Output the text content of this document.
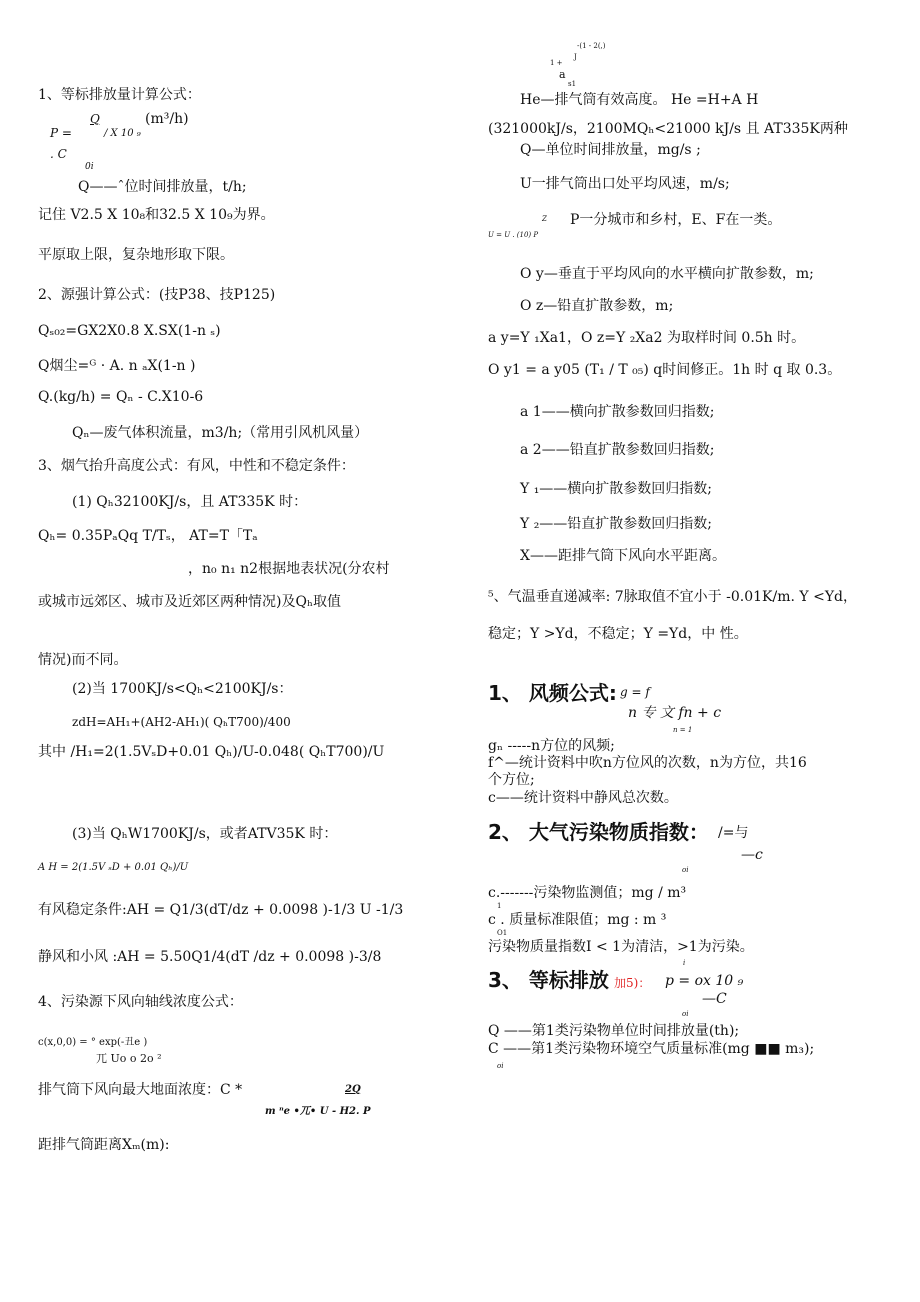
1、等标排放量计算公式：
P =
Q
/ X 10 ₉
. C
0i
(m³/h)
Q——ˆ位时间排放量，t/h;
记住 V2.5 X 10₈和32.5 X 10₉为界。
平原取上限，复杂地形取下限。
2、源强计算公式：(技P38、技P125)
Qₛ₀₂=GX2X0.8 X.SX(1-n ₛ)
Q烟尘=ᴳ · A. n ₐX(1-n )
Q.(kg/h) = Qₙ - C.X10-6
Qₙ—废气体积流量，m3/h;（常用引风机风量）
3、烟气抬升高度公式：有风，中性和不稳定条件：
(1) Qₕ32100KJ/s，且 AT335K 时：
Qₕ= 0.35PₐQq T/Tₛ， AT=T「Tₐ
，n₀ n₁ n2根据地表状况(分农村
或城市远郊区、城市及近郊区两种情况)及Qₕ取值
情况)而不同。
(2)当 1700KJ/s<Qₕ<2100KJ/s：
zdH=AH₁+(AH2-AH₁)( QₕT700)/400
其中 /H₁=2(1.5VₛD+0.01 Qₕ)/U-0.048( QₕT700)/U
(3)当 QₕW1700KJ/s，或者ATV35K 时：
A H = 2(1.5V ₛD + 0.01 Qₕ)/U
有风稳定条件:AH = Q1/3(dT/dz + 0.0098 )-1/3 U -1/3
静风和小风 :AH = 5.50Q1/4(dT /dz + 0.0098 )-3/8
4、污染源下风向轴线浓度公式：
c(x,0,0) = ° exp(-丑e )
兀 Uo o 2o ²
排气筒下风向最大地面浓度：C *	2Q
m ⁿe •兀• U - H2. P
距排气筒距离Xₘ(m):
-(1 - 2(,)
J
1 +
a
s1
He—排气筒有效高度。 He =H+A H
(321000kJ/s，2100MQₕ<21000 kJ/s 且 AT335K两种
Q—单位时间排放量，mg/s ;
U一排气筒出口处平均风速，m/s;
Z
U = U . (10) P
P一分城市和乡村，E、F在一类。
O y—垂直于平均风向的水平横向扩散参数，m;
O z—铅直扩散参数，m;
a y=Y ₁Xa1，O z=Y ₂Xa2 为取样时间 0.5h 时。
O y1 = a y05 (T₁ / T ₀₅) q时间修正。1h 时 q 取 0.3。
a 1——横向扩散参数回归指数;
a 2——铅直扩散参数回归指数;
Y ₁——横向扩散参数回归指数;
Y ₂——铅直扩散参数回归指数;
X——距排气筒下风向水平距离。
⁵、气温垂直递减率: 7脉取值不宜小于 -0.01K/m. Y <Yd，
稳定；Y >Yd，不稳定；Y =Yd，中 性。
1、 风频公式: g = f
n 专 文 fn + c
n = 1
gₙ -----n方位的风频;
f^—统计资料中吹n方位风的次数，n为方位，共16
个方位;
c——统计资料中静风总次数。
2、 大气污染物质指数： /=与
—c
oi
c.-------污染物监测值；mg / m³
1
c . 质量标准限值；mg : m ³
O1
污染物质量指数I < 1为清洁，>1为污染。
i
3、 等标排放 加5)： p = ox 10 ₉
—C
oi
Q ——第1类污染物单位时间排放量(th);
C ——第1类污染物环境空气质量标准(mg ■■ m₃);
oi
